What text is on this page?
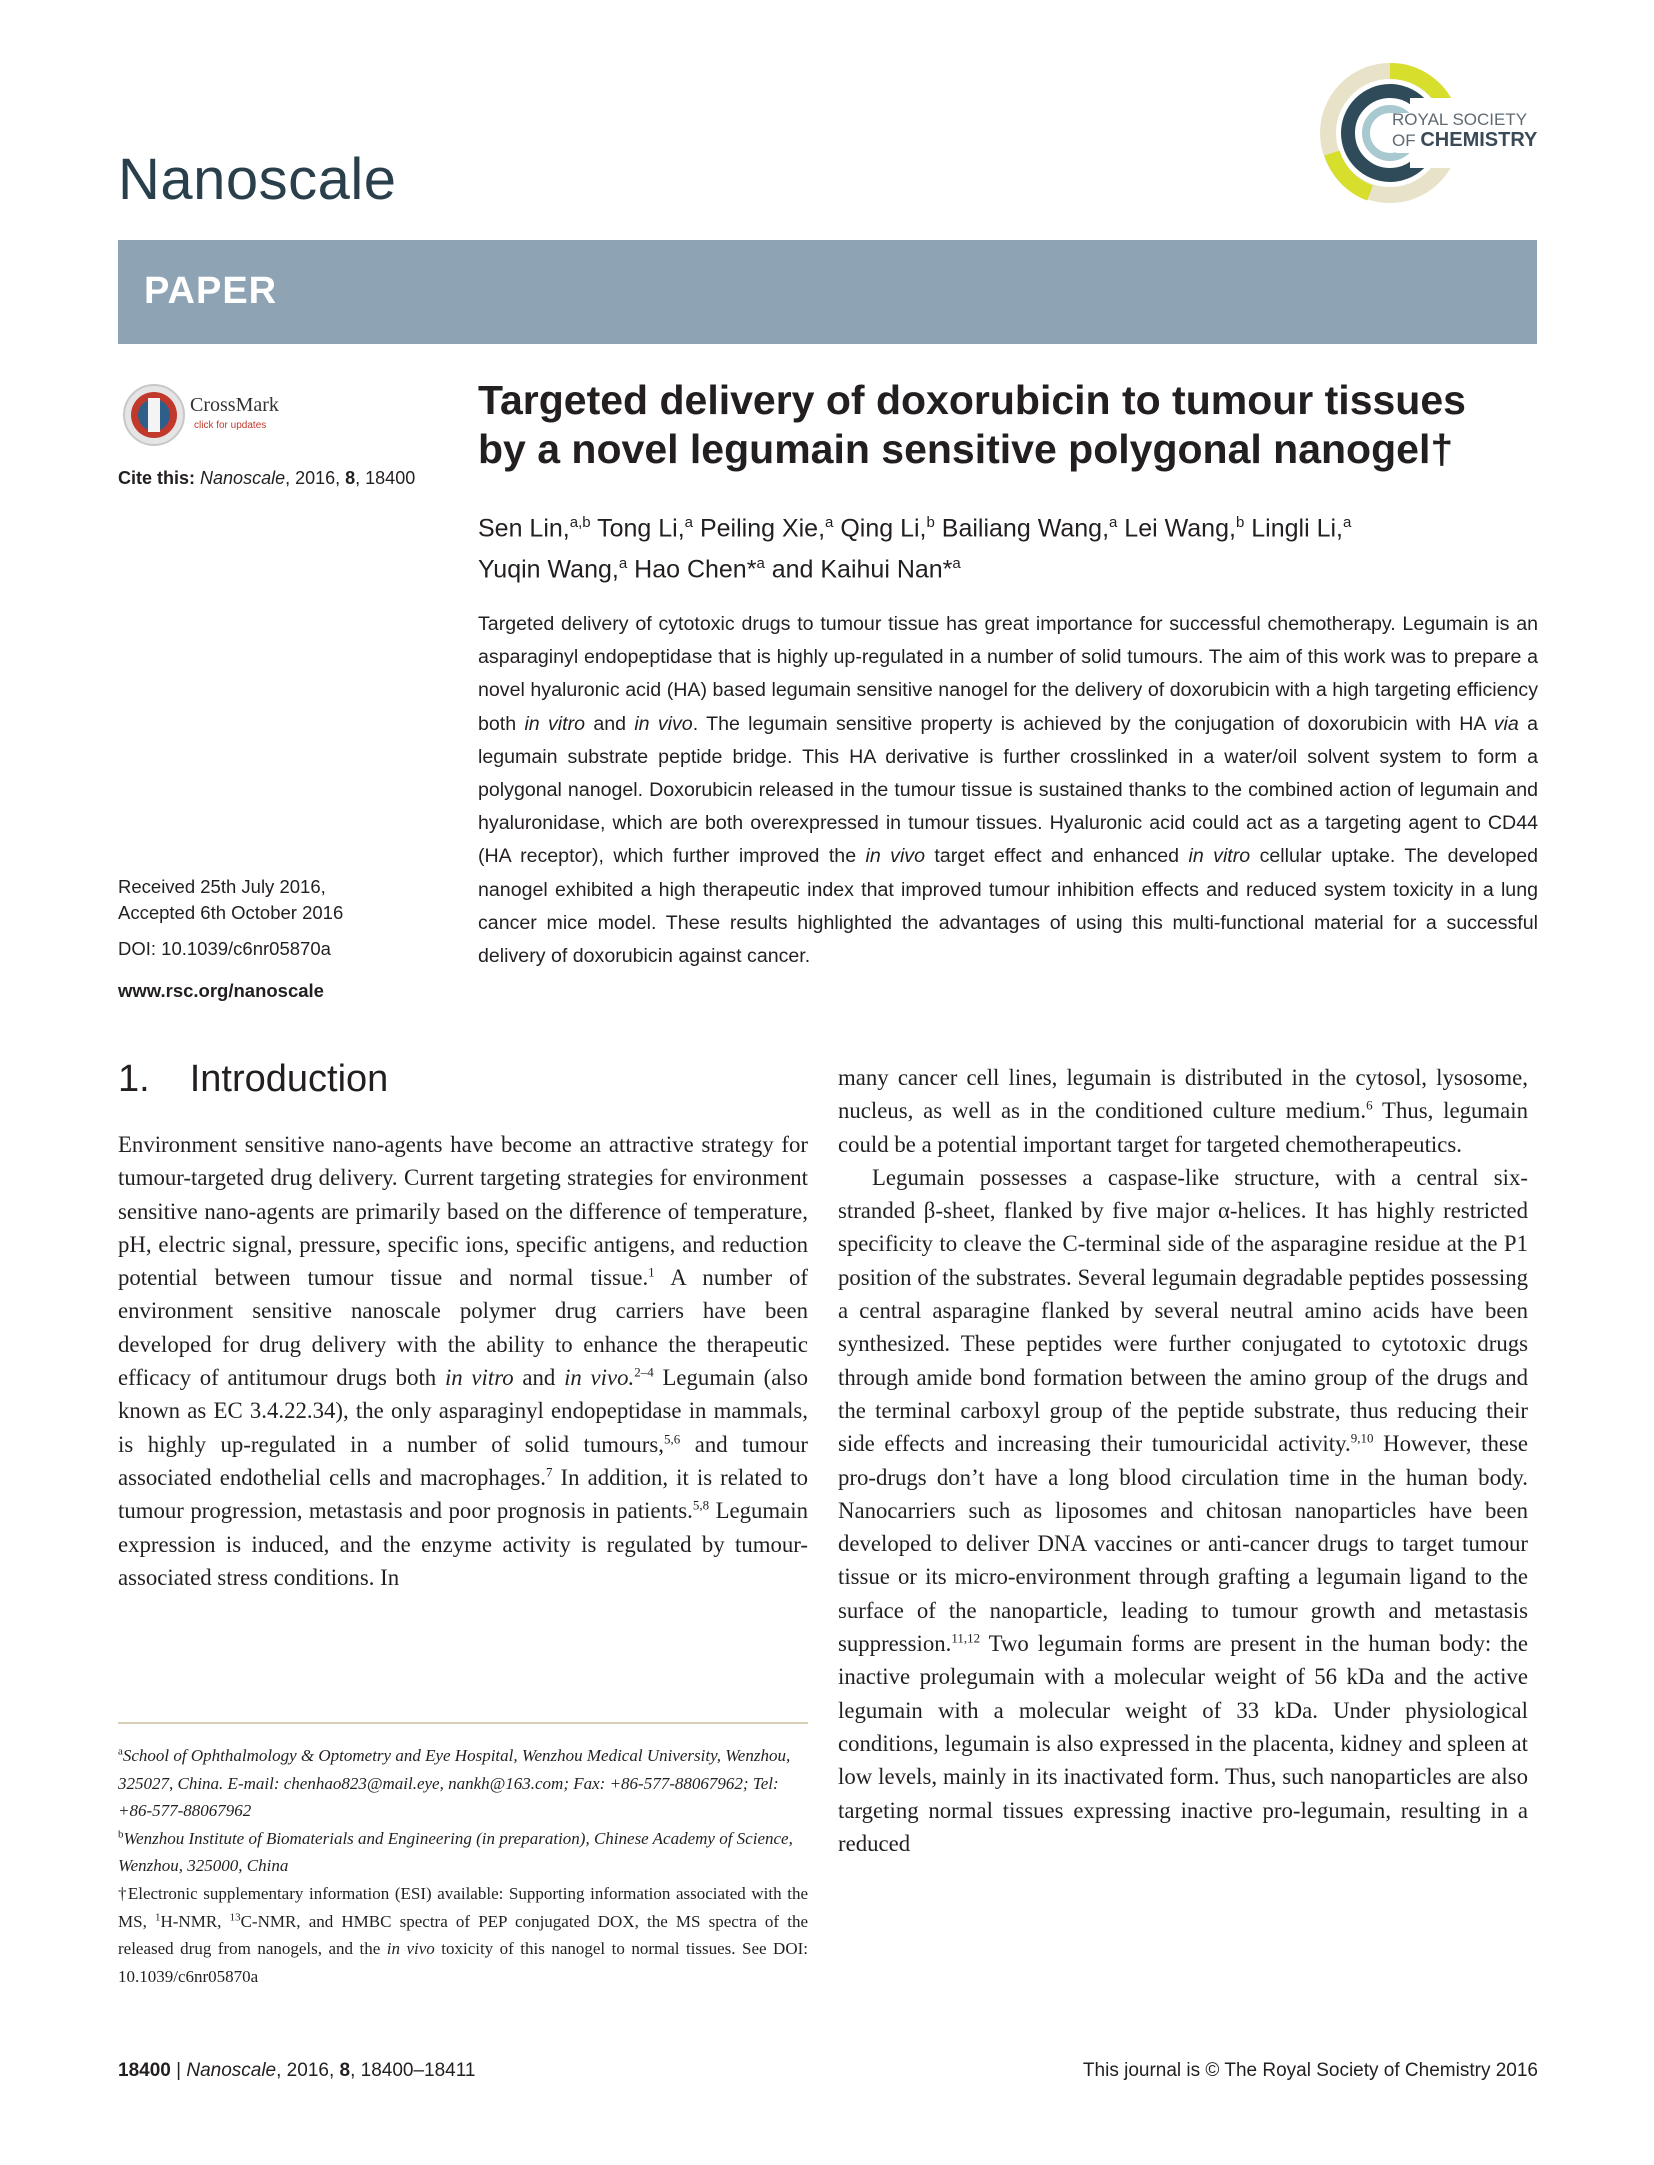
Nanoscale
ROYAL SOCIETY
OF CHEMISTRY
PAPER
CrossMark
click for updates
Cite this: Nanoscale, 2016, 8, 18400
Received 25th July 2016,
Accepted 6th October 2016
DOI: 10.1039/c6nr05870a
www.rsc.org/nanoscale
Targeted delivery of doxorubicin to tumour tissues
by a novel legumain sensitive polygonal nanogel†
Sen Lin,$^{a,b}$ Tong Li,$^a$ Peiling Xie,$^a$ Qing Li,$^b$ Bailiang Wang,$^a$ Lei Wang,$^b$ Lingli Li,$^a$
Yuqin Wang,$^a$ Hao Chen*$^a$ and Kaihui Nan*$^a$
Targeted delivery of cytotoxic drugs to tumour tissue has great importance for successful chemotherapy. Legumain is an asparaginyl endopeptidase that is highly up-regulated in a number of solid tumours. The aim of this work was to prepare a novel hyaluronic acid (HA) based legumain sensitive nanogel for the delivery of doxorubicin with a high targeting efficiency both in vitro and in vivo. The legumain sensitive property is achieved by the conjugation of doxorubicin with HA via a legumain substrate peptide bridge. This HA derivative is further crosslinked in a water/oil solvent system to form a polygonal nanogel. Doxorubicin released in the tumour tissue is sustained thanks to the combined action of legumain and hyaluronidase, which are both overexpressed in tumour tissues. Hyaluronic acid could act as a targeting agent to CD44 (HA receptor), which further improved the in vivo target effect and enhanced in vitro cellular uptake. The developed nanogel exhibited a high therapeutic index that improved tumour inhibition effects and reduced system toxicity in a lung cancer mice model. These results highlighted the advantages of using this multi-functional material for a successful delivery of doxorubicin against cancer.
1. Introduction
Environment sensitive nano-agents have become an attractive strategy for tumour-targeted drug delivery. Current targeting strategies for environment sensitive nano-agents are primarily based on the difference of temperature, pH, electric signal, pressure, specific ions, specific antigens, and reduction potential between tumour tissue and normal tissue.$^1$ A number of environment sensitive nanoscale polymer drug carriers have been developed for drug delivery with the ability to enhance the therapeutic efficacy of antitumour drugs both in vitro and in vivo.$^{2-4}$ Legumain (also known as EC 3.4.22.34), the only asparaginyl endopeptidase in mammals, is highly up-regulated in a number of solid tumours,$^{5,6}$ and tumour associated endothelial cells and macrophages.$^7$ In addition, it is related to tumour progression, metastasis and poor prognosis in patients.$^{5,8}$ Legumain expression is induced, and the enzyme activity is regulated by tumour-associated stress conditions. In
many cancer cell lines, legumain is distributed in the cytosol, lysosome, nucleus, as well as in the conditioned culture medium.$^6$ Thus, legumain could be a potential important target for targeted chemotherapeutics.
Legumain possesses a caspase-like structure, with a central six-stranded β-sheet, flanked by five major α-helices. It has highly restricted specificity to cleave the C-terminal side of the asparagine residue at the P1 position of the substrates. Several legumain degradable peptides possessing a central asparagine flanked by several neutral amino acids have been synthesized. These peptides were further conjugated to cytotoxic drugs through amide bond formation between the amino group of the drugs and the terminal carboxyl group of the peptide substrate, thus reducing their side effects and increasing their tumouricidal activity.$^{9,10}$ However, these pro-drugs don’t have a long blood circulation time in the human body. Nanocarriers such as liposomes and chitosan nanoparticles have been developed to deliver DNA vaccines or anti-cancer drugs to target tumour tissue or its micro-environment through grafting a legumain ligand to the surface of the nanoparticle, leading to tumour growth and metastasis suppression.$^{11,12}$ Two legumain forms are present in the human body: the inactive prolegumain with a molecular weight of 56 kDa and the active legumain with a molecular weight of 33 kDa. Under physiological conditions, legumain is also expressed in the placenta, kidney and spleen at low levels, mainly in its inactivated form. Thus, such nanoparticles are also targeting normal tissues expressing inactive pro-legumain, resulting in a reduced
$^a$School of Ophthalmology & Optometry and Eye Hospital, Wenzhou Medical University, Wenzhou, 325027, China. E-mail: chenhao823@mail.eye, nankh@163.com; Fax: +86-577-88067962; Tel: +86-577-88067962
$^b$Wenzhou Institute of Biomaterials and Engineering (in preparation), Chinese Academy of Science, Wenzhou, 325000, China
†Electronic supplementary information (ESI) available: Supporting information associated with the MS, $^1$H-NMR, $^{13}$C-NMR, and HMBC spectra of PEP conjugated DOX, the MS spectra of the released drug from nanogels, and the in vivo toxicity of this nanogel to normal tissues. See DOI: 10.1039/c6nr05870a
18400 | Nanoscale, 2016, 8, 18400–18411	This journal is © The Royal Society of Chemistry 2016
